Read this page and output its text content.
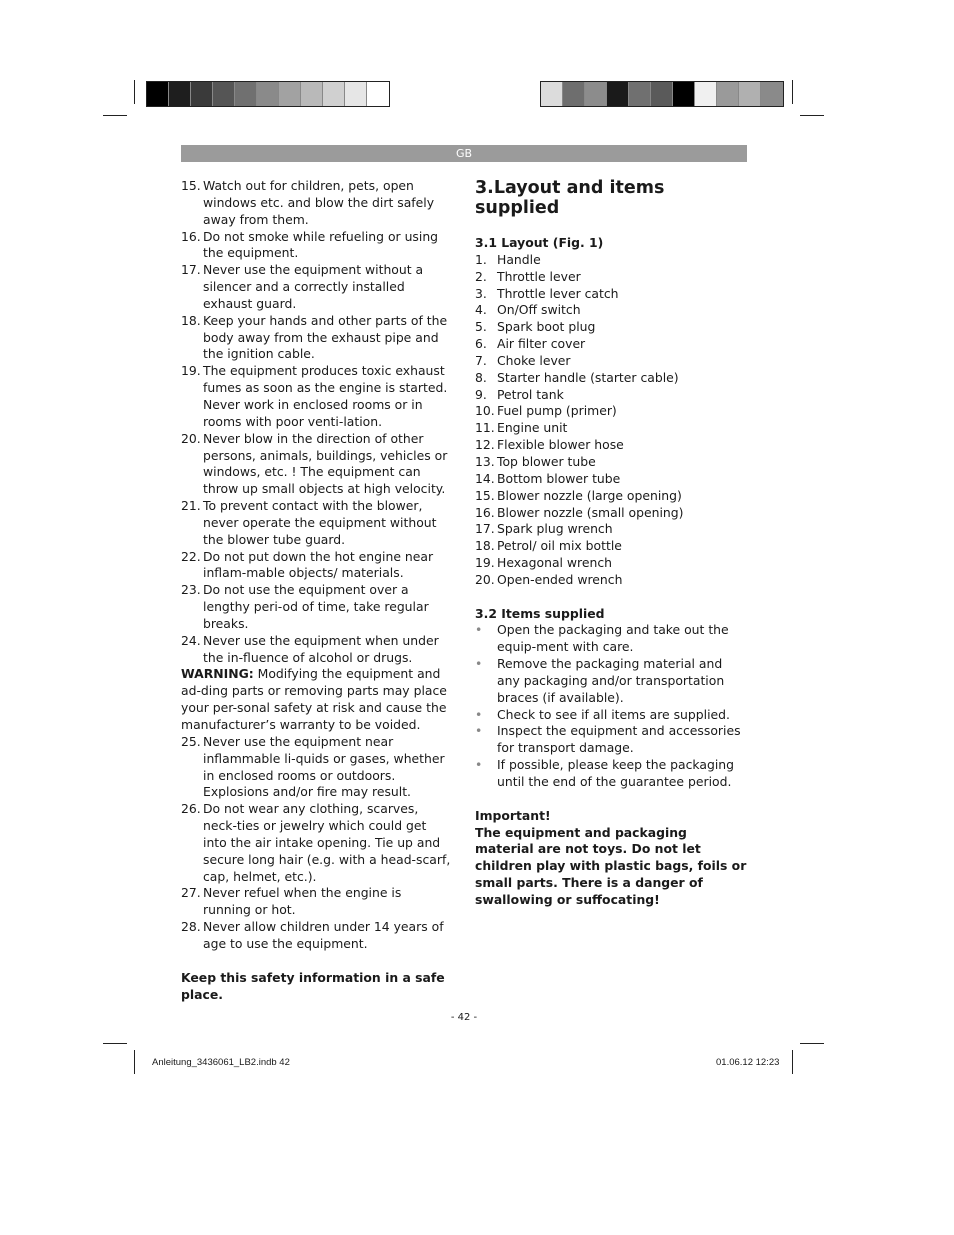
GB
15. Watch out for children, pets, open windows etc. and blow the dirt safely away from them.
16. Do not smoke while refueling or using the equipment.
17. Never use the equipment without a silencer and a correctly installed exhaust guard.
18. Keep your hands and other parts of the body away from the exhaust pipe and the ignition cable.
19. The equipment produces toxic exhaust fumes as soon as the engine is started. Never work in enclosed rooms or in rooms with poor venti-lation.
20. Never blow in the direction of other persons, animals, buildings, vehicles or windows, etc. ! The equipment can throw up small objects at high velocity.
21. To prevent contact with the blower, never operate the equipment without the blower tube guard.
22. Do not put down the hot engine near inflam-mable objects/ materials.
23. Do not use the equipment over a lengthy peri-od of time, take regular breaks.
24. Never use the equipment when under the in-fluence of alcohol or drugs.

WARNING: Modifying the equipment and ad-ding parts or removing parts may place your per-sonal safety at risk and cause the manufacturer’s warranty to be voided.

25. Never use the equipment near inflammable li-quids or gases, whether in enclosed rooms or outdoors. Explosions and/or fire may result.
26. Do not wear any clothing, scarves, neck-ties or jewelry which could get into the air intake opening. Tie up and secure long hair (e.g. with a head-scarf, cap, helmet, etc.).
27. Never refuel when the engine is running or hot.
28. Never allow children under 14 years of age to use the equipment.
Keep this safety information in a safe place.
3.Layout and items supplied
3.1 Layout (Fig. 1)
1. Handle
2. Throttle lever
3. Throttle lever catch
4. On/Off switch
5. Spark boot plug
6. Air filter cover
7. Choke lever
8. Starter handle (starter cable)
9. Petrol tank
10. Fuel pump (primer)
11. Engine unit
12. Flexible blower hose
13. Top blower tube
14. Bottom blower tube
15. Blower nozzle (large opening)
16. Blower nozzle (small opening)
17. Spark plug wrench
18. Petrol/ oil mix bottle
19. Hexagonal wrench
20. Open-ended wrench
3.2 Items supplied
•	Open the packaging and take out the equip-ment with care.
•	Remove the packaging material and any packaging and/or transportation braces (if available).
•	Check to see if all items are supplied.
•	Inspect the equipment and accessories for transport damage.
•	If possible, please keep the packaging until the end of the guarantee period.
Important!
The equipment and packaging material are not toys. Do not let children play with plastic bags, foils or small parts. There is a danger of swallowing or suffocating!
- 42 -
Anleitung_3436061_LB2.indb 42	01.06.12 12:23
